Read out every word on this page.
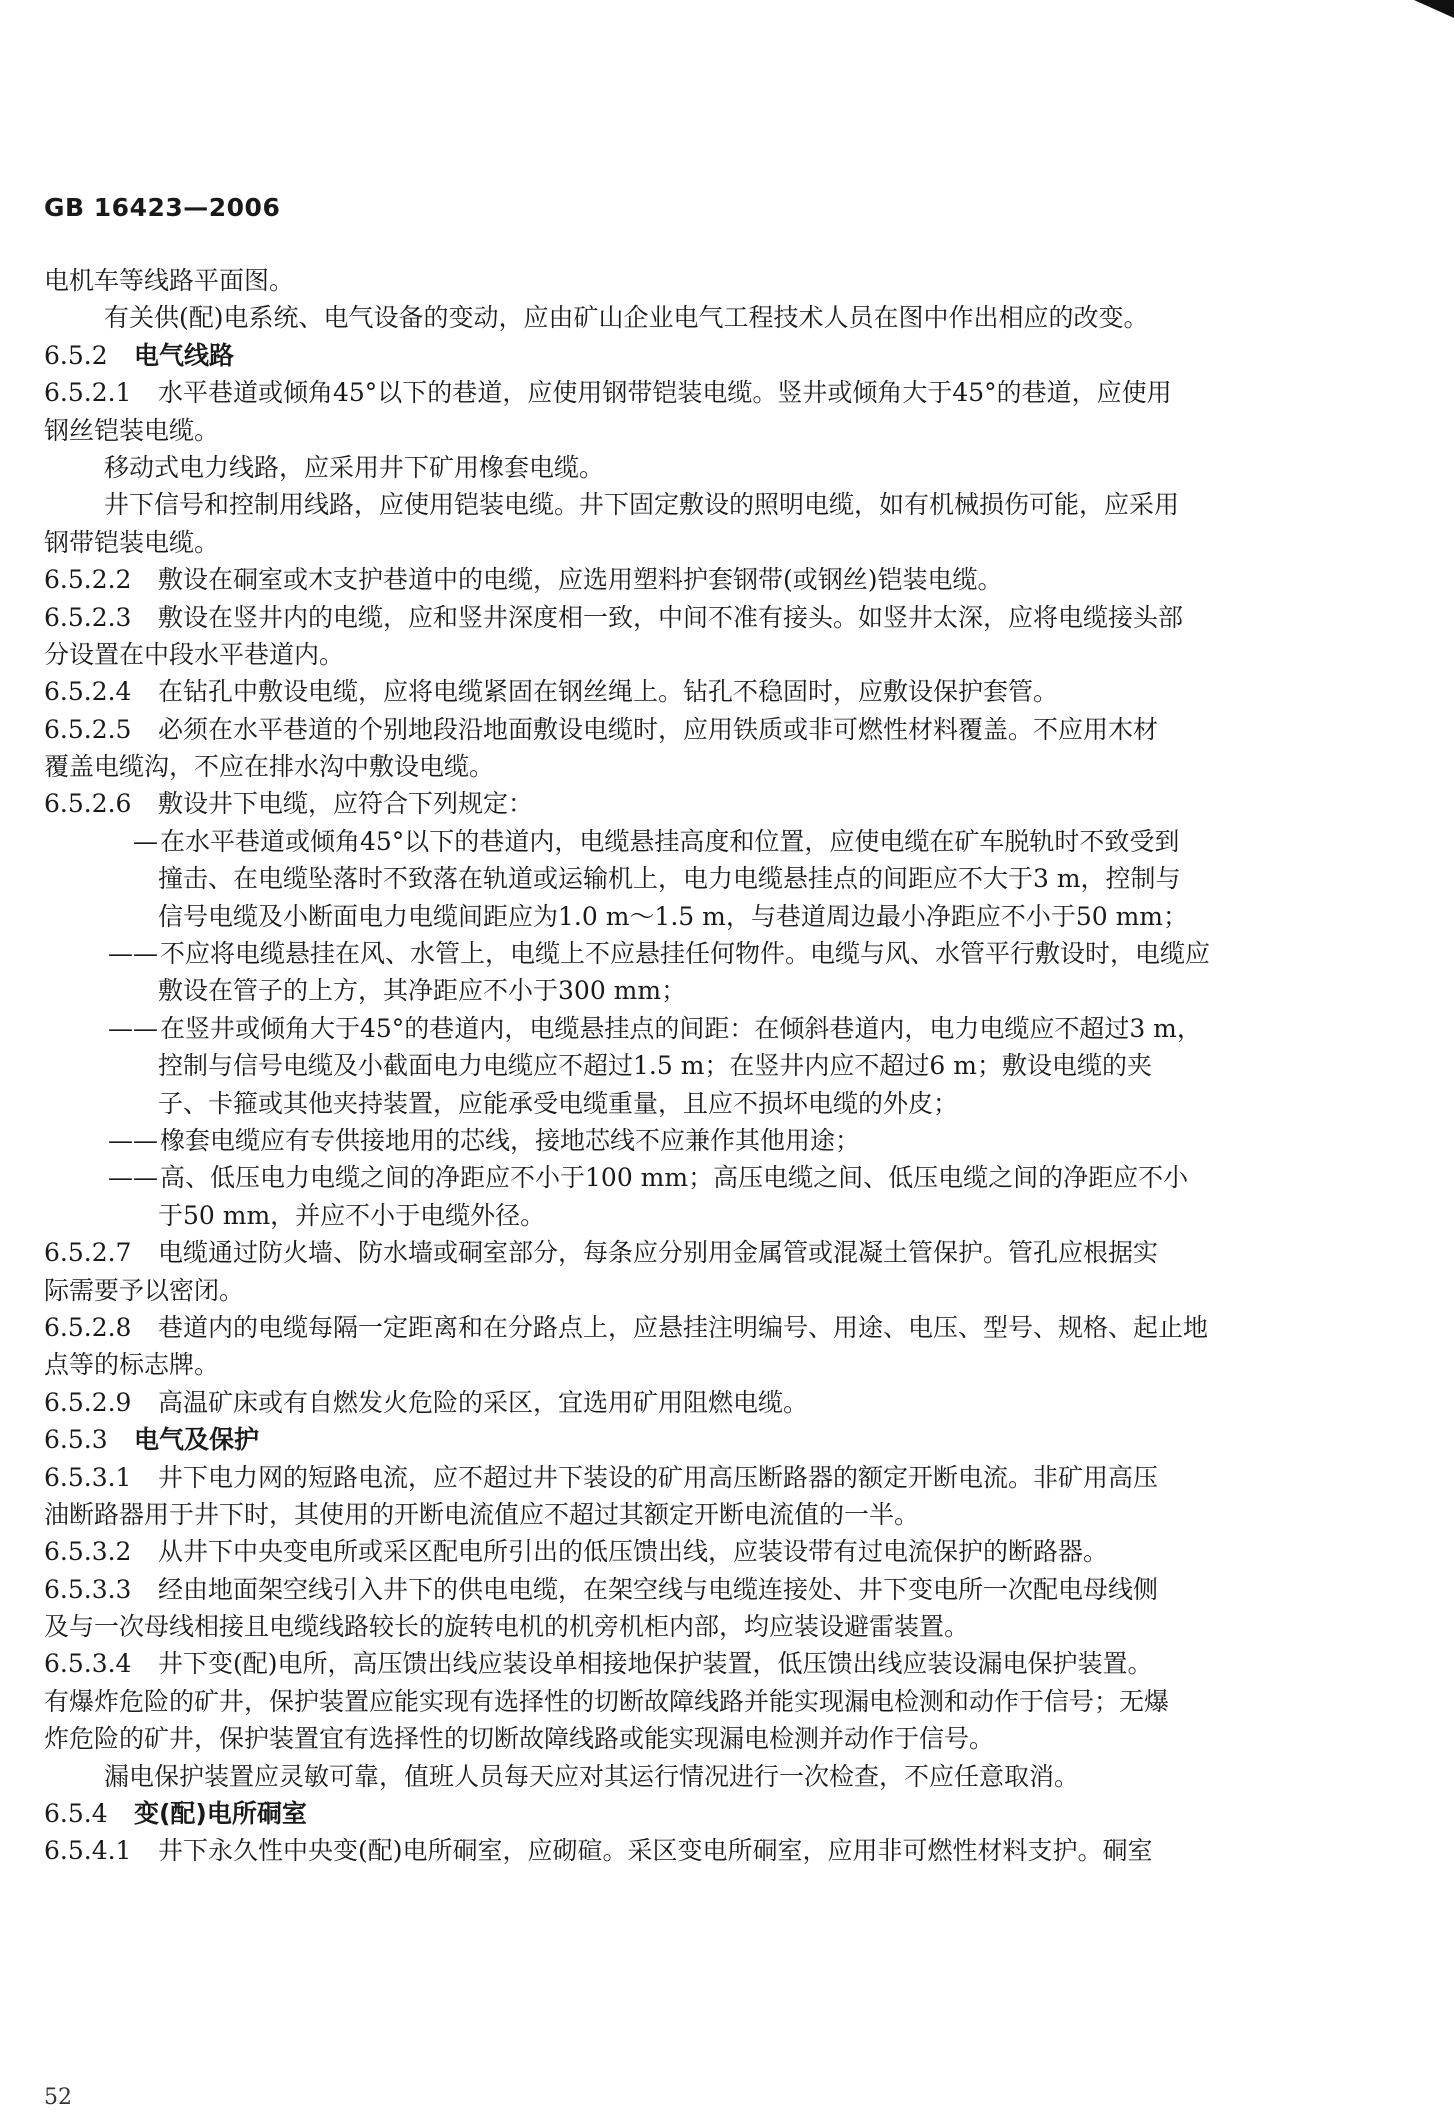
GB 16423—2006
电机车等线路平面图。
有关供(配)电系统、电气设备的变动，应由矿山企业电气工程技术人员在图中作出相应的改变。
6.5.2 电气线路
6.5.2.1 水平巷道或倾角45°以下的巷道，应使用钢带铠装电缆。竖井或倾角大于45°的巷道，应使用
钢丝铠装电缆。
移动式电力线路，应采用井下矿用橡套电缆。
井下信号和控制用线路，应使用铠装电缆。井下固定敷设的照明电缆，如有机械损伤可能，应采用
钢带铠装电缆。
6.5.2.2 敷设在硐室或木支护巷道中的电缆，应选用塑料护套钢带(或钢丝)铠装电缆。
6.5.2.3 敷设在竖井内的电缆，应和竖井深度相一致，中间不准有接头。如竖井太深，应将电缆接头部
分设置在中段水平巷道内。
6.5.2.4 在钻孔中敷设电缆，应将电缆紧固在钢丝绳上。钻孔不稳固时，应敷设保护套管。
6.5.2.5 必须在水平巷道的个别地段沿地面敷设电缆时，应用铁质或非可燃性材料覆盖。不应用木材
覆盖电缆沟，不应在排水沟中敷设电缆。
6.5.2.6 敷设井下电缆，应符合下列规定：
— 在水平巷道或倾角45°以下的巷道内，电缆悬挂高度和位置，应使电缆在矿车脱轨时不致受到
撞击、在电缆坠落时不致落在轨道或运输机上，电力电缆悬挂点的间距应不大于3 m，控制与
信号电缆及小断面电力电缆间距应为1.0 m～1.5 m，与巷道周边最小净距应不小于50 mm；
—— 不应将电缆悬挂在风、水管上，电缆上不应悬挂任何物件。电缆与风、水管平行敷设时，电缆应
敷设在管子的上方，其净距应不小于300 mm；
—— 在竖井或倾角大于45°的巷道内，电缆悬挂点的间距：在倾斜巷道内，电力电缆应不超过3 m，
控制与信号电缆及小截面电力电缆应不超过1.5 m；在竖井内应不超过6 m；敷设电缆的夹
子、卡箍或其他夹持装置，应能承受电缆重量，且应不损坏电缆的外皮；
—— 橡套电缆应有专供接地用的芯线，接地芯线不应兼作其他用途；
—— 高、低压电力电缆之间的净距应不小于100 mm；高压电缆之间、低压电缆之间的净距应不小
于50 mm，并应不小于电缆外径。
6.5.2.7 电缆通过防火墙、防水墙或硐室部分，每条应分别用金属管或混凝土管保护。管孔应根据实
际需要予以密闭。
6.5.2.8 巷道内的电缆每隔一定距离和在分路点上，应悬挂注明编号、用途、电压、型号、规格、起止地
点等的标志牌。
6.5.2.9 高温矿床或有自燃发火危险的采区，宜选用矿用阻燃电缆。
6.5.3 电气及保护
6.5.3.1 井下电力网的短路电流，应不超过井下装设的矿用高压断路器的额定开断电流。非矿用高压
油断路器用于井下时，其使用的开断电流值应不超过其额定开断电流值的一半。
6.5.3.2 从井下中央变电所或采区配电所引出的低压馈出线，应装设带有过电流保护的断路器。
6.5.3.3 经由地面架空线引入井下的供电电缆，在架空线与电缆连接处、井下变电所一次配电母线侧
及与一次母线相接且电缆线路较长的旋转电机的机旁机柜内部，均应装设避雷装置。
6.5.3.4 井下变(配)电所，高压馈出线应装设单相接地保护装置，低压馈出线应装设漏电保护装置。
有爆炸危险的矿井，保护装置应能实现有选择性的切断故障线路并能实现漏电检测和动作于信号；无爆
炸危险的矿井，保护装置宜有选择性的切断故障线路或能实现漏电检测并动作于信号。
漏电保护装置应灵敏可靠，值班人员每天应对其运行情况进行一次检查，不应任意取消。
6.5.4 变(配)电所硐室
6.5.4.1 井下永久性中央变(配)电所硐室，应砌碹。采区变电所硐室，应用非可燃性材料支护。硐室
52
